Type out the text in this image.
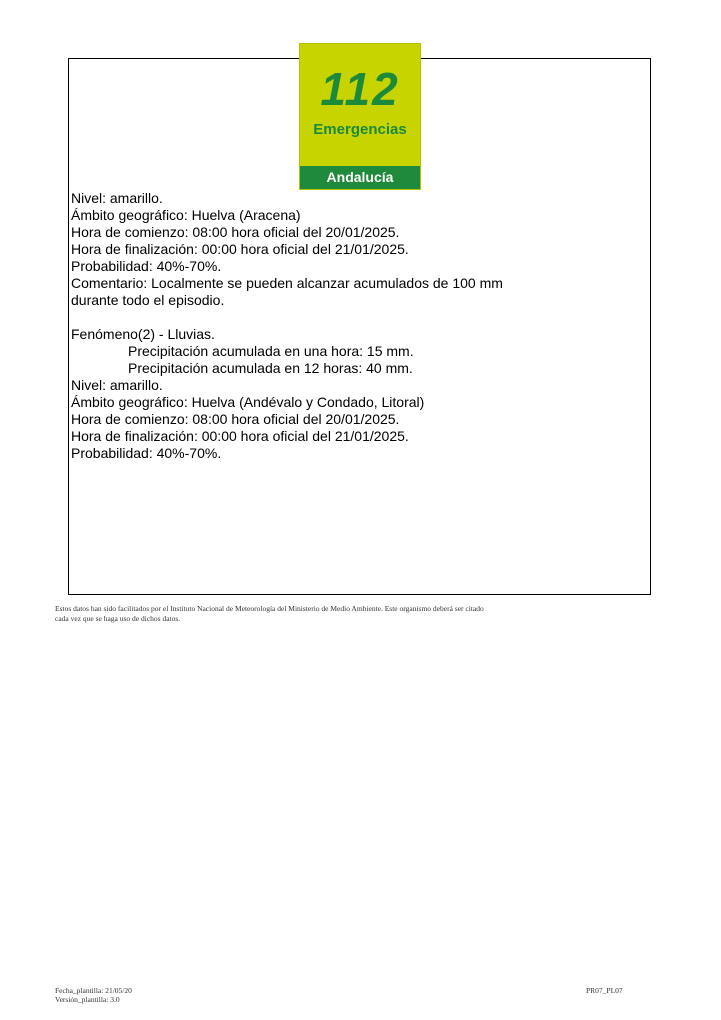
112
Emergencias
Andalucía
Nivel: amarillo.
Ámbito geográfico: Huelva (Aracena)
Hora de comienzo: 08:00 hora oficial del 20/01/2025.
Hora de finalización: 00:00 hora oficial del 21/01/2025.
Probabilidad: 40%-70%.
Comentario: Localmente se pueden alcanzar acumulados de 100 mm
durante todo el episodio.
Fenómeno(2) - Lluvias.
Precipitación acumulada en una hora: 15 mm.
Precipitación acumulada en 12 horas: 40 mm.
Nivel: amarillo.
Ámbito geográfico: Huelva (Andévalo y Condado, Litoral)
Hora de comienzo: 08:00 hora oficial del 20/01/2025.
Hora de finalización: 00:00 hora oficial del 21/01/2025.
Probabilidad: 40%-70%.
Estos datos han sido facilitados por el Instituto Nacional de Meteorología del Ministerio de Medio Ambiente. Este organismo deberá ser citado
cada vez que se haga uso de dichos datos.
Fecha_plantilla: 21/05/20
Versión_plantilla: 3.0
PR07_PL07
